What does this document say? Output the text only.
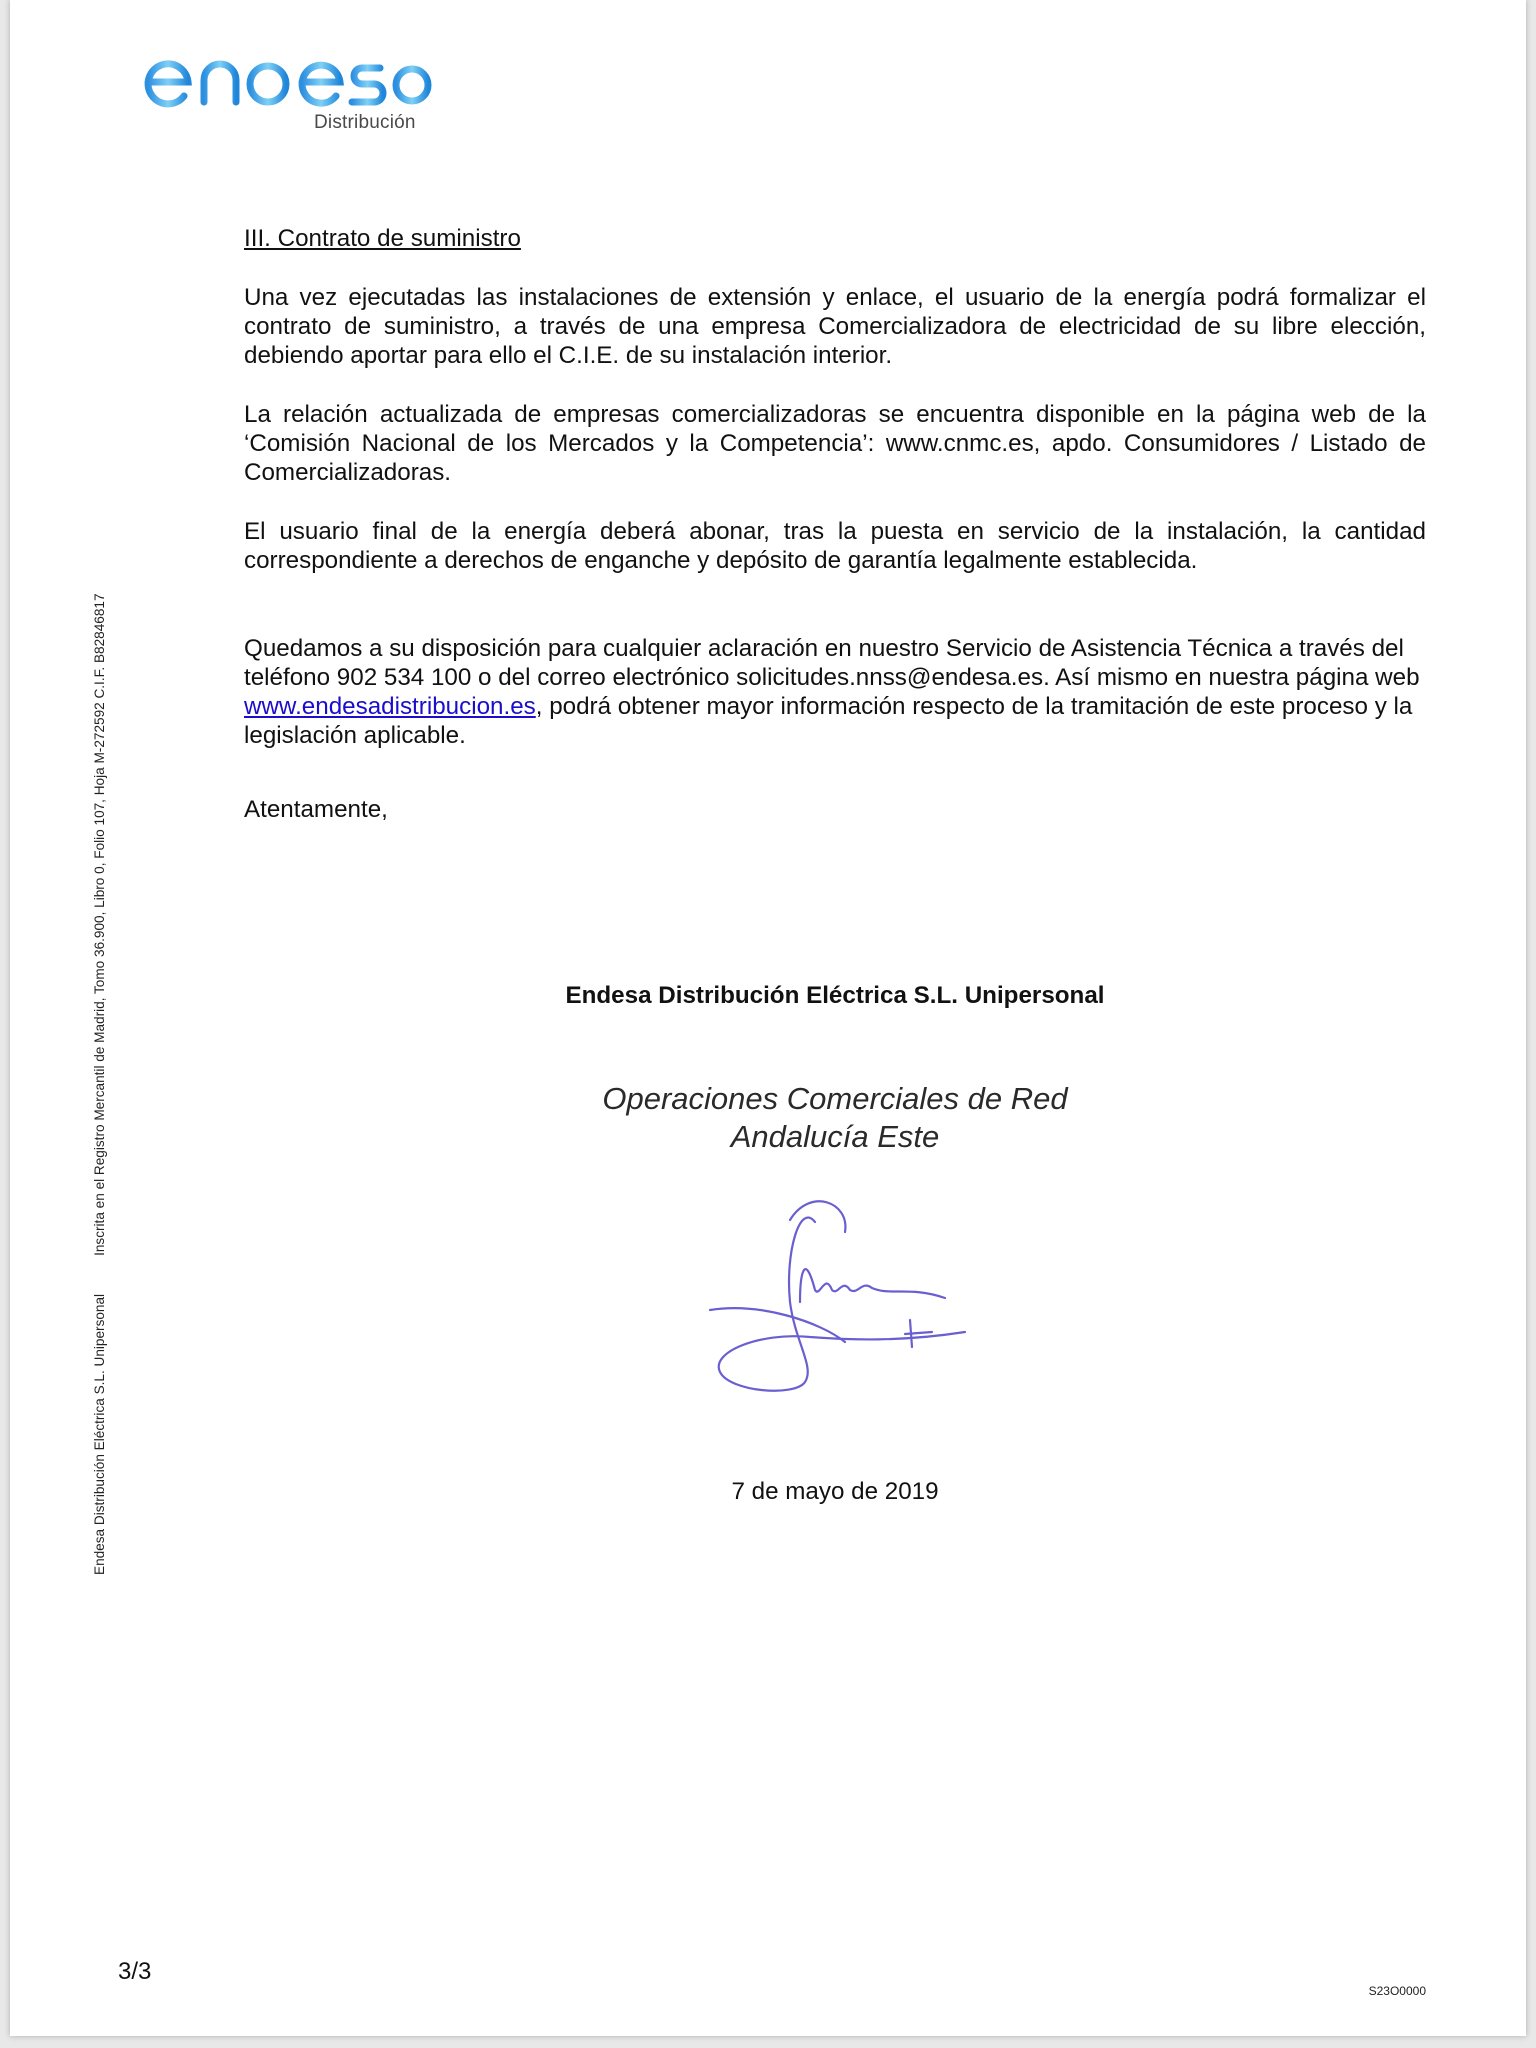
Distribución
Endesa Distribución Eléctrica S.L. UnipersonalInscrita en el Registro Mercantil de Madrid, Tomo 36.900, Libro 0, Folio 107, Hoja M-272592 C.I.F. B82846817

III. Contrato de suministro

Una vez ejecutadas las instalaciones de extensión y enlace, el usuario de la energía podrá formalizar el contrato de suministro, a través de una empresa Comercializadora de electricidad de su libre elección, debiendo aportar para ello el C.I.E. de su instalación interior.

La relación actualizada de empresas comercializadoras se encuentra disponible en la página web de la ‘Comisión Nacional de los Mercados y la Competencia’: www.cnmc.es, apdo. Consumidores / Listado de Comercializadoras.

El usuario final de la energía deberá abonar, tras la puesta en servicio de la instalación, la cantidad correspondiente a derechos de enganche y depósito de garantía legalmente establecida.

Quedamos a su disposición para cualquier aclaración en nuestro Servicio de Asistencia Técnica a través del teléfono 902 534 100 o del correo electrónico solicitudes.nnss@endesa.es. Así mismo en nuestra página web www.endesadistribucion.es, podrá obtener mayor información respecto de la tramitación de este proceso y la legislación aplicable.

Atentamente,

Endesa Distribución Eléctrica S.L. Unipersonal
Operaciones Comerciales de Red
Andalucía Este
7 de mayo de 2019
3/3
S23O0000
